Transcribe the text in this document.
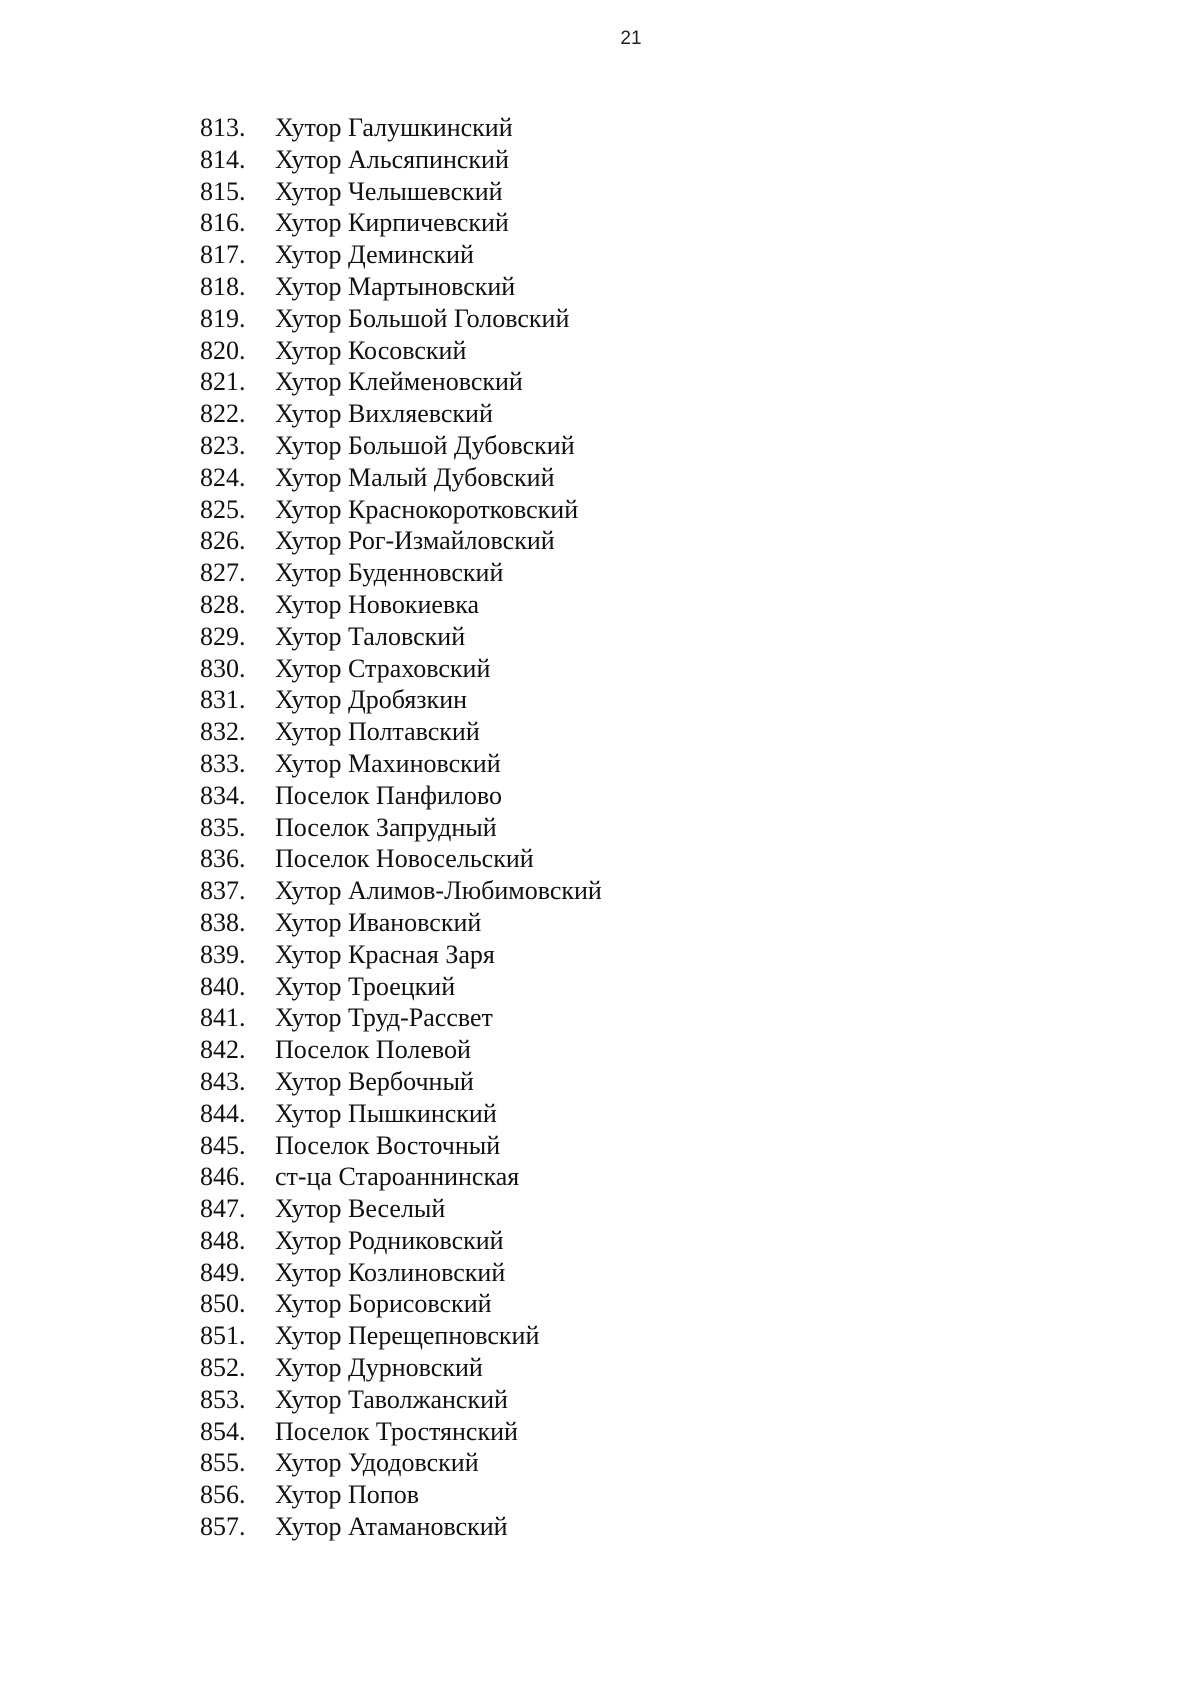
21
813.	Хутор Галушкинский
814.	Хутор Альсяпинский
815.	Хутор Челышевский
816.	Хутор Кирпичевский
817.	Хутор Деминский
818.	Хутор Мартыновский
819.	Хутор Большой Головский
820.	Хутор Косовский
821.	Хутор Клейменовский
822.	Хутор Вихляевский
823.	Хутор Большой Дубовский
824.	Хутор Малый Дубовский
825.	Хутор Краснокоротковский
826.	Хутор Рог-Измайловский
827.	Хутор Буденновский
828.	Хутор Новокиевка
829.	Хутор Таловский
830.	Хутор Страховский
831.	Хутор Дробязкин
832.	Хутор Полтавский
833.	Хутор Махиновский
834.	Поселок Панфилово
835.	Поселок Запрудный
836.	Поселок Новосельский
837.	Хутор Алимов-Любимовский
838.	Хутор Ивановский
839.	Хутор Красная Заря
840.	Хутор Троецкий
841.	Хутор Труд-Рассвет
842.	Поселок Полевой
843.	Хутор Вербочный
844.	Хутор Пышкинский
845.	Поселок Восточный
846.	ст-ца Староаннинская
847.	Хутор Веселый
848.	Хутор Родниковский
849.	Хутор Козлиновский
850.	Хутор Борисовский
851.	Хутор Перещепновский
852.	Хутор Дурновский
853.	Хутор Таволжанский
854.	Поселок Тростянский
855.	Хутор Удодовский
856.	Хутор Попов
857.	Хутор Атамановский
